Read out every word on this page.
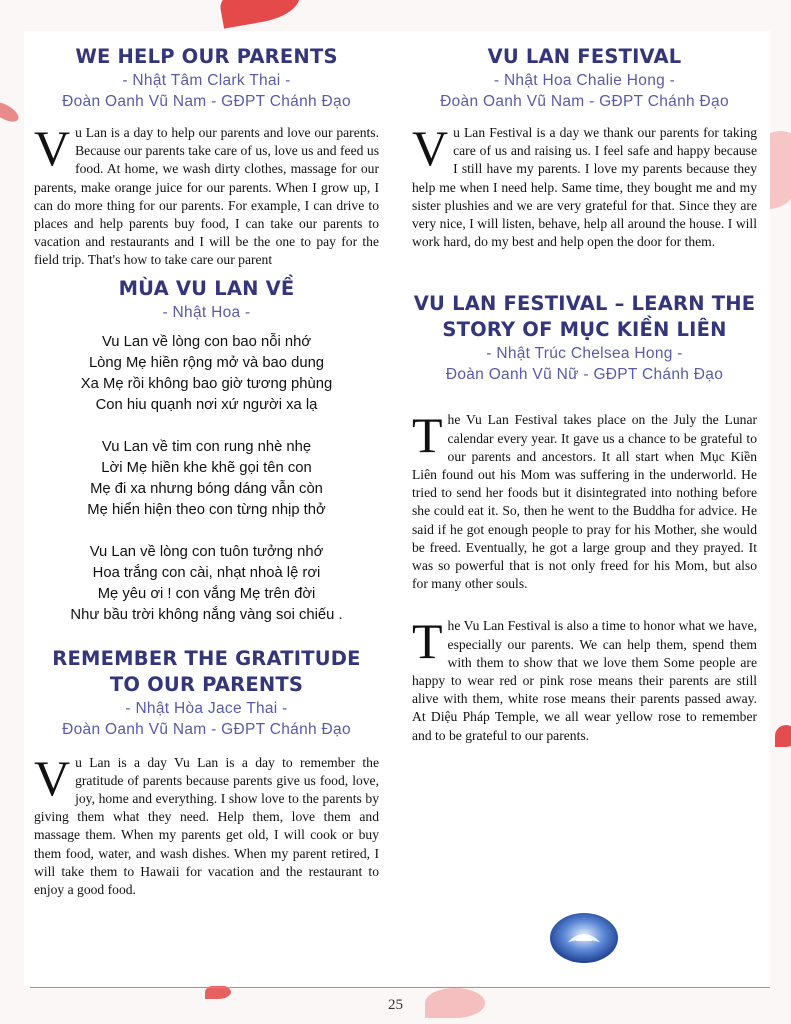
WE HELP OUR PARENTS

- Nhật Tâm Clark Thai -

Đoàn Oanh Vũ Nam - GĐPT Chánh Đạo

Vu Lan is a day to help our parents and love our parents. Because our parents take care of us, love us and feed us food. At home, we wash dirty clothes, massage for our parents, make orange juice for our parents. When I grow up, I can do more thing for our parents. For example, I can drive to places and help parents buy food, I can take our parents to vacation and restaurants and I will be the one to pay for the field trip. That's how to take care our parent

MÙA VU LAN VỀ

- Nhật Hoa -

Vu Lan về lòng con bao nỗi nhớ
Lòng Mẹ hiền rộng mở và bao dung
Xa Mẹ rồi không bao giờ tương phùng
Con hiu quạnh nơi xứ người xa lạ
Vu Lan về tim con rung nhè nhẹ
Lời Mẹ hiền khe khẽ gọi tên con
Mẹ đi xa nhưng bóng dáng vẫn còn
Mẹ hiển hiện theo con từng nhịp thở
Vu Lan về lòng con tuôn tưởng nhớ
Hoa trắng con cài, nhạt nhoà lệ rơi
Mẹ yêu ơi ! con vắng Mẹ trên đời
Như bầu trời không nắng vàng soi chiếu .
REMEMBER THE GRATITUDE
TO OUR PARENTS

- Nhật Hòa Jace Thai -

Đoàn Oanh Vũ Nam - GĐPT Chánh Đạo

Vu Lan is a day Vu Lan is a day to remember the gratitude of parents because parents give us food, love, joy, home and everything. I show love to the parents by giving them what they need. Help them, love them and massage them. When my parents get old, I will cook or buy them food, water, and wash dishes. When my parent retired, I will take them to Hawaii for vacation and the restaurant to enjoy a good food.

VU LAN FESTIVAL

- Nhật Hoa Chalie Hong -

Đoàn Oanh Vũ Nam - GĐPT Chánh Đạo

Vu Lan Festival is a day we thank our parents for taking care of us and raising us. I feel safe and happy because I still have my parents. I love my parents because they help me when I need help. Same time, they bought me and my sister plushies and we are very grateful for that. Since they are very nice, I will listen, behave, help all around the house. I will work hard, do my best and help open the door for them.

VU LAN FESTIVAL – LEARN THE
STORY OF MỤC KIỀN LIÊN

- Nhật Trúc Chelsea Hong -

Đoàn Oanh Vũ Nữ - GĐPT Chánh Đạo

The Vu Lan Festival takes place on the July the Lunar calendar every year. It gave us a chance to be grateful to our parents and ancestors. It all start when Mục Kiền Liên found out his Mom was suffering in the underworld. He tried to send her foods but it disintegrated into nothing before she could eat it. So, then he went to the Buddha for advice. He said if he got enough people to pray for his Mother, she would be freed. Eventually, he got a large group and they prayed. It was so powerful that is not only freed for his Mom, but also for many other souls.

The Vu Lan Festival is also a time to honor what we have, especially our parents. We can help them, spend them with them to show that we love them Some people are happy to wear red or pink rose means their parents are still alive with them, white rose means their parents passed away. At Diệu Pháp Temple, we all wear yellow rose to remember and to be grateful to our parents.

25
